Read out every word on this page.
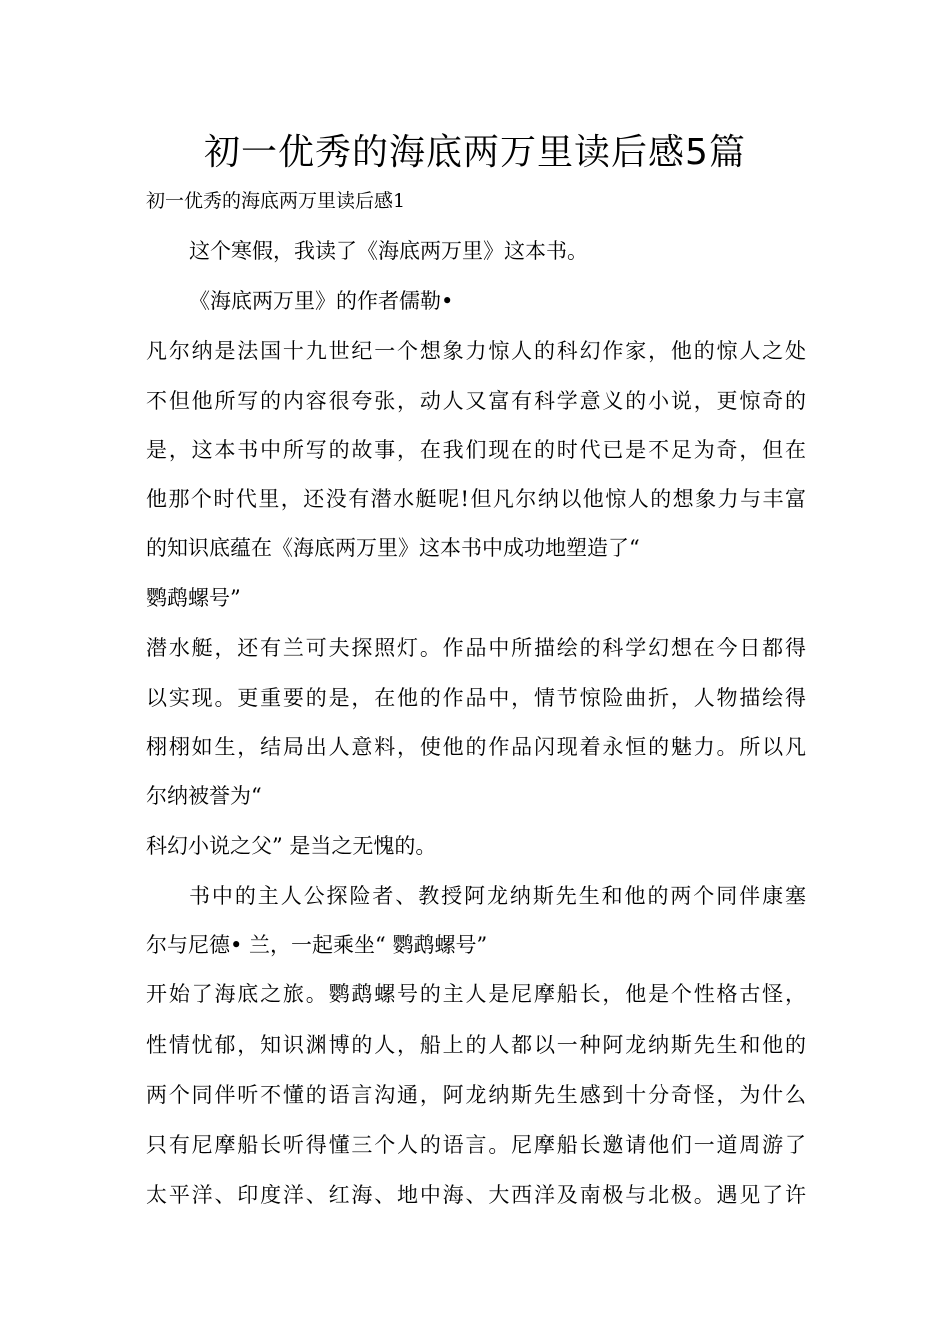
初一优秀的海底两万里读后感5篇
初一优秀的海底两万里读后感1
这个寒假，我读了《海底两万里》这本书。
《海底两万里》的作者儒勒•
凡尔纳是法国十九世纪一个想象力惊人的科幻作家，他的惊人之处
不但他所写的内容很夸张，动人又富有科学意义的小说，更惊奇的
是，这本书中所写的故事，在我们现在的时代已是不足为奇，但在
他那个时代里，还没有潜水艇呢!但凡尔纳以他惊人的想象力与丰富
的知识底蕴在《海底两万里》这本书中成功地塑造了“
鹦鹉螺号”
潜水艇，还有兰可夫探照灯。作品中所描绘的科学幻想在今日都得
以实现。更重要的是，在他的作品中，情节惊险曲折，人物描绘得
栩栩如生，结局出人意料，使他的作品闪现着永恒的魅力。所以凡
尔纳被誉为“
科幻小说之父” 是当之无愧的。
书中的主人公探险者、教授阿龙纳斯先生和他的两个同伴康塞
尔与尼德• 兰，一起乘坐“ 鹦鹉螺号”
开始了海底之旅。鹦鹉螺号的主人是尼摩船长，他是个性格古怪，
性情忧郁，知识渊博的人，船上的人都以一种阿龙纳斯先生和他的
两个同伴听不懂的语言沟通，阿龙纳斯先生感到十分奇怪，为什么
只有尼摩船长听得懂三个人的语言。尼摩船长邀请他们一道周游了
太平洋、印度洋、红海、地中海、大西洋及南极与北极。遇见了许
